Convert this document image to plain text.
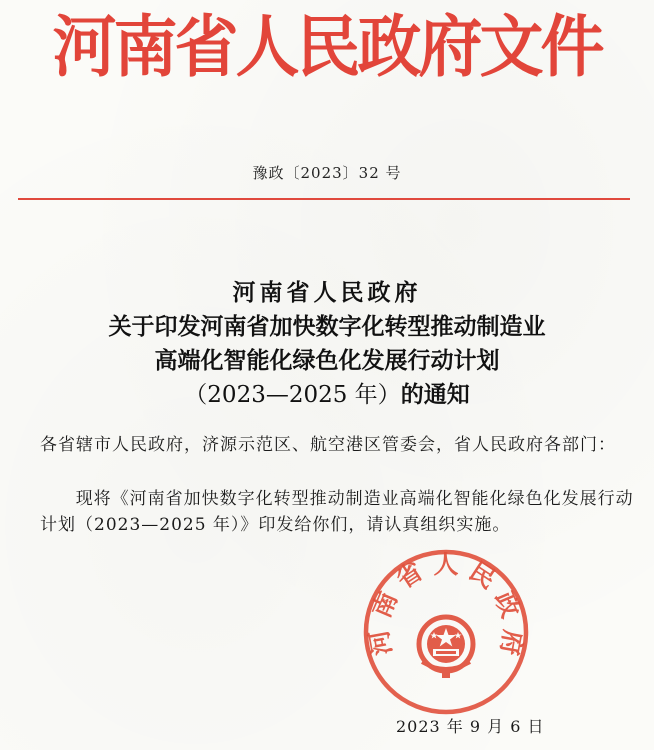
河南省人民政府文件
豫政〔2023〕32 号
河南省人民政府
关于印发河南省加快数字化转型推动制造业
高端化智能化绿色化发展行动计划
（2023—2025 年）的通知
各省辖市人民政府，济源示范区、航空港区管委会，省人民政府各部门：
现将《河南省加快数字化转型推动制造业高端化智能化绿色化发展行动计划（2023—2025 年）》印发给你们，请认真组织实施。
河 南 省 人 民 政 府
2023 年 9 月 6 日
